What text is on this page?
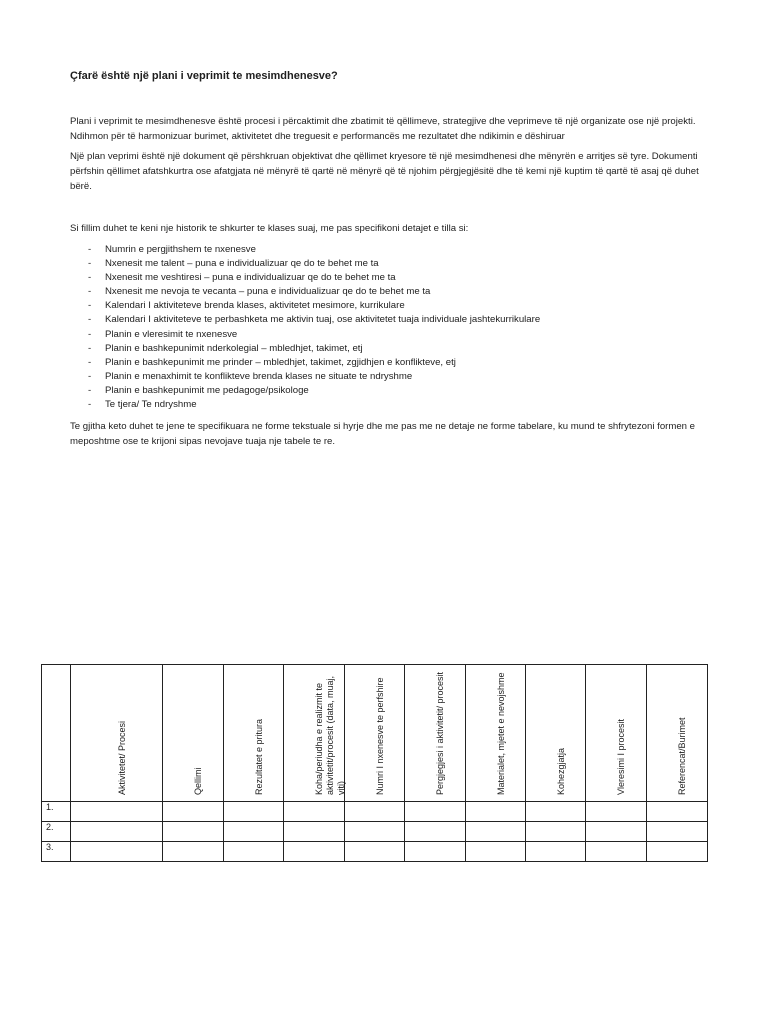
Çfarë është një plani i veprimit te mesimdhenesve?

Plani i veprimit te mesimdhenesve është procesi i përcaktimit dhe zbatimit të qëllimeve, strategjive dhe veprimeve të një organizate ose një projekti. Ndihmon për të harmonizuar burimet, aktivitetet dhe treguesit e performancës me rezultatet dhe ndikimin e dëshiruar

Një plan veprimi është një dokument që përshkruan objektivat dhe qëllimet kryesore të një mesimdhenesi dhe mënyrën e arritjes së tyre. Dokumenti përfshin qëllimet afatshkurtra ose afatgjata në mënyrë të qartë në mënyrë që të njohim përgjegjësitë dhe të kemi një kuptim të qartë të asaj që duhet bërë.

Si fillim duhet te keni nje historik te shkurter te klases suaj, me pas specifikoni detajet e tilla si:

- Numrin e pergjithshem te nxenesve
- Nxenesit me talent – puna e individualizuar qe do te behet me ta
- Nxenesit me veshtiresi – puna e individualizuar qe do te behet me ta
- Nxenesit me nevoja te vecanta – puna e individualizuar qe do te behet me ta
- Kalendari I aktiviteteve brenda klases, aktivitetet mesimore, kurrikulare
- Kalendari I aktiviteteve te perbashketa me aktivin tuaj, ose aktivitetet tuaja individuale jashtekurrikulare
- Planin e vleresimit te nxenesve
- Planin e bashkepunimit nderkolegial – mbledhjet, takimet, etj
- Planin e bashkepunimit me prinder – mbledhjet, takimet, zgjidhjen e konflikteve, etj
- Planin e menaxhimit te konflikteve brenda klases ne situate te ndryshme
- Planin e bashkepunimit me pedagoge/psikologe
- Te tjera/ Te ndryshme

Te gjitha keto duhet te jene te specifikuara ne forme tekstuale si hyrje dhe me pas me ne detaje ne forme tabelare, ku mund te shfrytezoni formen e meposhtme ose te krijoni sipas nevojave tuaja nje tabele te re.

	Aktivitetet/ Procesi	Qellimi	Rezultatet e pritura	Koha/periudha e realizmit te aktivitetit/procesit (data, muaj, viti)	Numri I nxenesve te perfshire	Pergjegjesi i aktivitetit/ procesit	Materialet, mjetet e nevojshme	Kohezgjatja	Vleresimi I procesit	Referencat/Burimet

1.										
2.										
3.										
